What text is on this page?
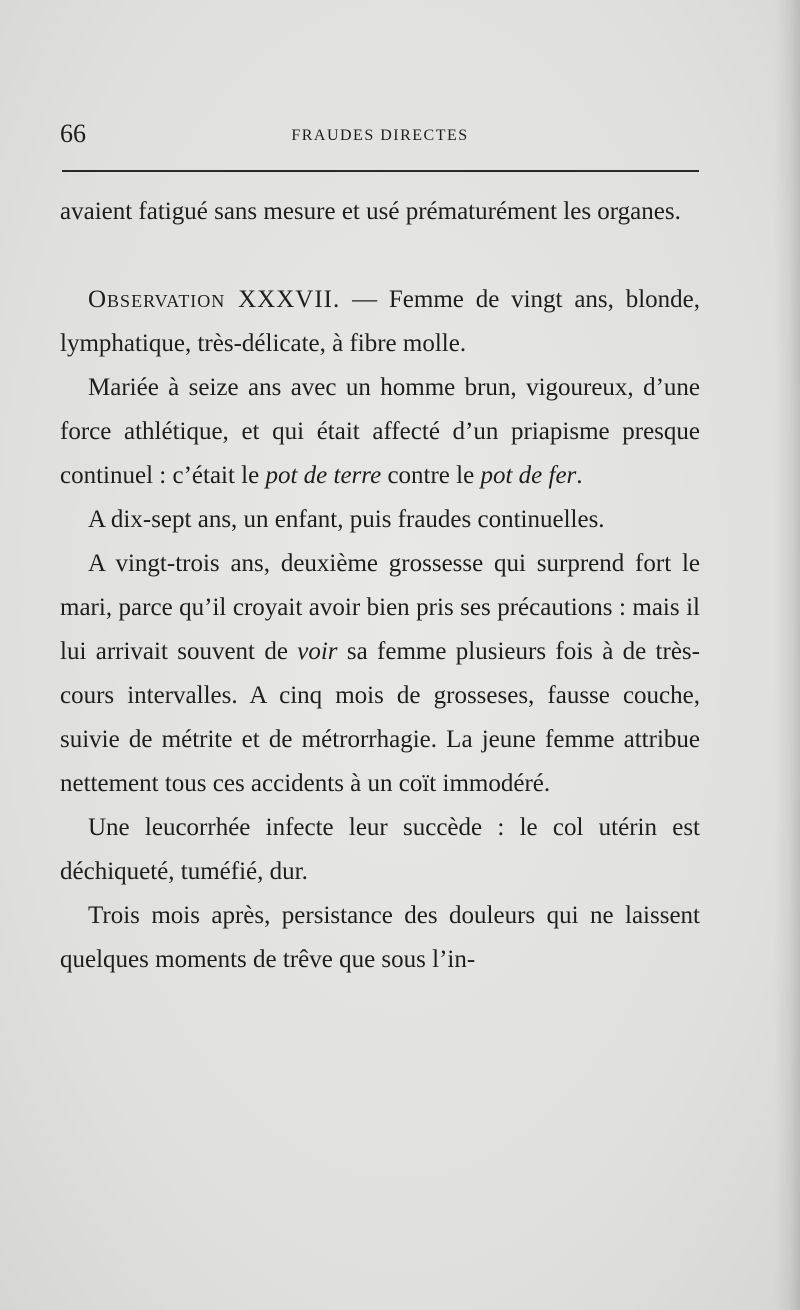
66	FRAUDES DIRECTES

avaient fatigué sans mesure et usé prématurément les organes.

Observation XXXVII. — Femme de vingt ans, blonde, lymphatique, très-délicate, à fibre molle.

Mariée à seize ans avec un homme brun, vigoureux, d’une force athlétique, et qui était affecté d’un priapisme presque continuel : c’était le pot de terre contre le pot de fer.

A dix-sept ans, un enfant, puis fraudes continuelles.

A vingt-trois ans, deuxième grossesse qui surprend fort le mari, parce qu’il croyait avoir bien pris ses précautions : mais il lui arrivait souvent de voir sa femme plusieurs fois à de très-cours intervalles. A cinq mois de grosseses, fausse couche, suivie de métrite et de métrorrhagie. La jeune femme attribue nettement tous ces accidents à un coït immodéré.

Une leucorrhée infecte leur succède : le col utérin est déchiqueté, tuméfié, dur.

Trois mois après, persistance des douleurs qui ne laissent quelques moments de trêve que sous l’in-
